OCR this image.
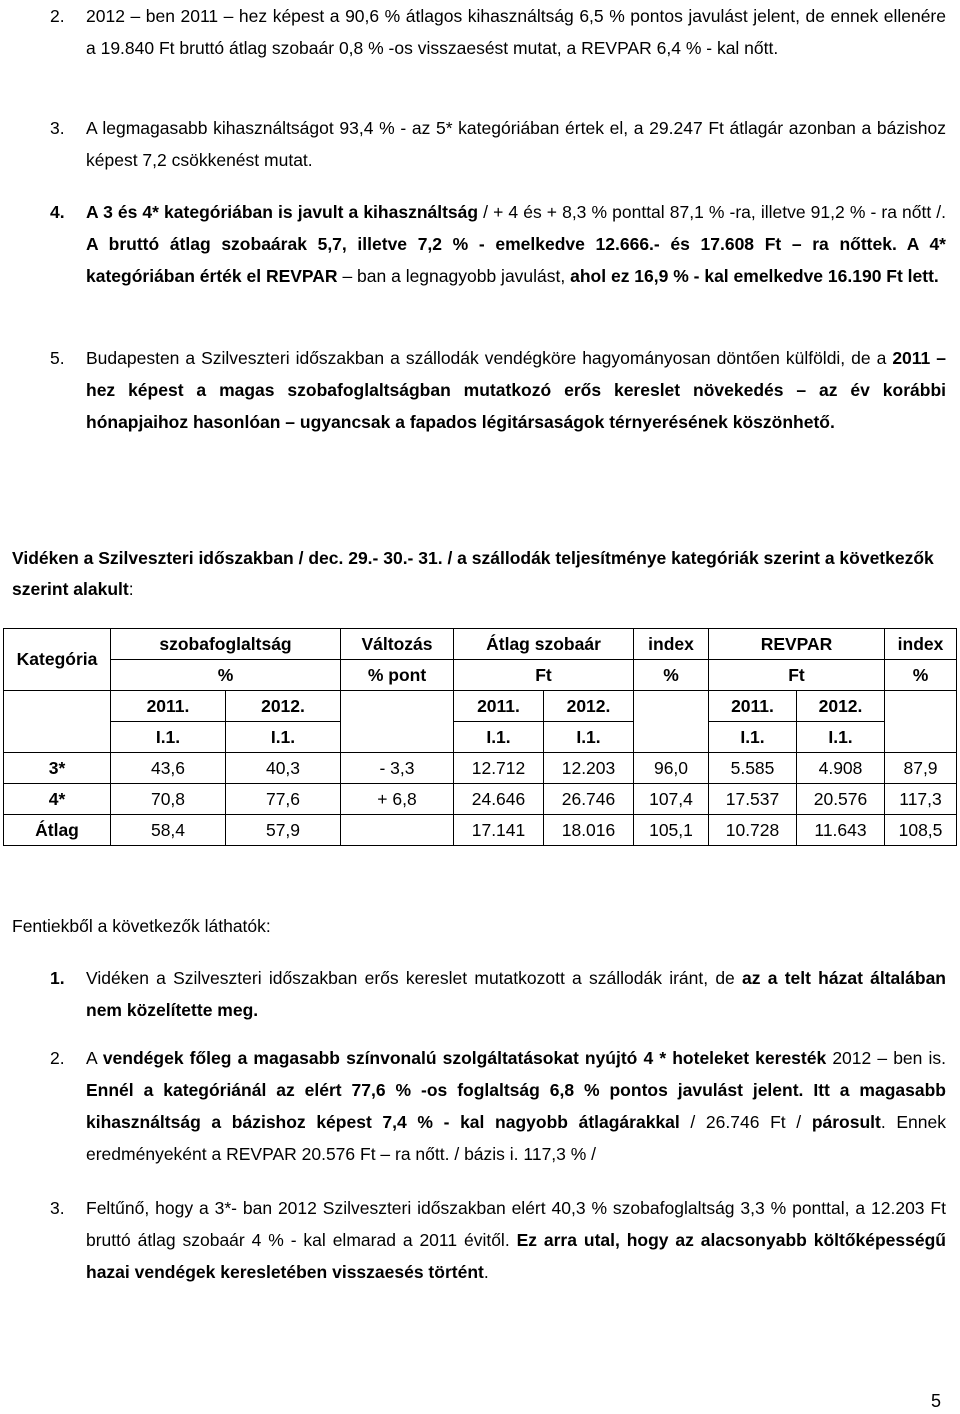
2. 2012 – ben 2011 – hez képest a 90,6 % átlagos kihasználtság 6,5 % pontos javulást jelent, de ennek ellenére a 19.840 Ft bruttó átlag szobaár 0,8 % -os visszaesést mutat, a REVPAR 6,4 % - kal nőtt.
3. A legmagasabb kihasználtságot 93,4 % - az 5* kategóriában értek el, a 29.247 Ft átlagár azonban a bázishoz képest 7,2 csökkenést mutat.
4. A 3 és 4* kategóriában is javult a kihasználtság / + 4 és + 8,3 % ponttal 87,1 % -ra, illetve 91,2 % - ra nőtt /. A bruttó átlag szobaárak 5,7, illetve 7,2 % - emelkedve 12.666.- és 17.608 Ft – ra nőttek. A 4* kategóriában érték el REVPAR – ban a legnagyobb javulást, ahol ez 16,9 % - kal emelkedve 16.190 Ft lett.
5. Budapesten a Szilveszteri időszakban a szállodák vendégköre hagyományosan döntően külföldi, de a 2011 – hez képest a magas szobafoglaltságban mutatkozó erős kereslet növekedés – az év korábbi hónapjaihoz hasonlóan – ugyancsak a fapados légitársaságok térnyerésének köszönhető.
Vidéken a Szilveszteri időszakban / dec. 29.- 30.- 31. / a szállodák teljesítménye kategóriák szerint a következők szerint alakult:
Kategória	szobafoglaltság		Változás	Átlag szobaár		index	REVPAR		index
	%		% pont	Ft		%	Ft		%
	2011.	2012.		2011.	2012.		2011.	2012.	
	I.1.	I.1.		I.1.	I.1.		I.1.	I.1.	
3*	43,6	40,3	- 3,3	12.712	12.203	96,0	5.585	4.908	87,9
4*	70,8	77,6	+ 6,8	24.646	26.746	107,4	17.537	20.576	117,3
Átlag	58,4	57,9		17.141	18.016	105,1	10.728	11.643	108,5
Fentiekből a következők láthatók:
1. Vidéken a Szilveszteri időszakban erős kereslet mutatkozott a szállodák iránt, de az a telt házat általában nem közelítette meg.
2. A vendégek főleg a magasabb színvonalú szolgáltatásokat nyújtó 4 * hoteleket keresték 2012 – ben is. Ennél a kategóriánál az elért 77,6 % -os foglaltság 6,8 % pontos javulást jelent. Itt a magasabb kihasználtság a bázishoz képest 7,4 % - kal nagyobb átlagárakkal / 26.746 Ft / párosult. Ennek eredményeként a REVPAR 20.576 Ft – ra nőtt. / bázis i. 117,3 % /
3. Feltűnő, hogy a 3*- ban 2012 Szilveszteri időszakban elért 40,3 % szobafoglaltság 3,3 % ponttal, a 12.203 Ft bruttó átlag szobaár 4 % - kal elmarad a 2011 évitől. Ez arra utal, hogy az alacsonyabb költőképességű hazai vendégek keresletében visszaesés történt.
5
